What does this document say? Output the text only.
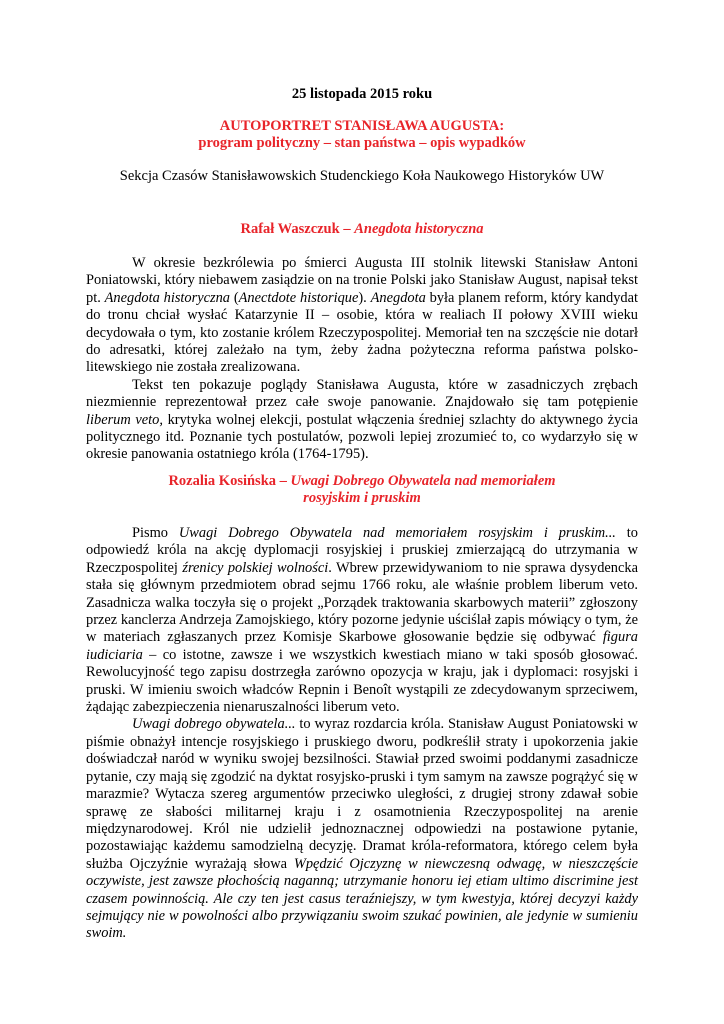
25 listopada 2015 roku
AUTOPORTRET STANISŁAWA AUGUSTA:
program polityczny – stan państwa – opis wypadków
Sekcja Czasów Stanisławowskich Studenckiego Koła Naukowego Historyków UW
Rafał Waszczuk – Anegdota historyczna

W okresie bezkrólewia po śmierci Augusta III stolnik litewski Stanisław Antoni Poniatowski, który niebawem zasiądzie on na tronie Polski jako Stanisław August, napisał tekst pt. Anegdota historyczna (Anectdote historique). Anegdota była planem reform, który kandydat do tronu chciał wysłać Katarzynie II – osobie, która w realiach II połowy XVIII wieku decydowała o tym, kto zostanie królem Rzeczypospolitej. Memoriał ten na szczęście nie dotarł do adresatki, której zależało na tym, żeby żadna pożyteczna reforma państwa polsko-litewskiego nie została zrealizowana.

Tekst ten pokazuje poglądy Stanisława Augusta, które w zasadniczych zrębach niezmiennie reprezentował przez całe swoje panowanie. Znajdowało się tam potępienie liberum veto, krytyka wolnej elekcji, postulat włączenia średniej szlachty do aktywnego życia politycznego itd. Poznanie tych postulatów, pozwoli lepiej zrozumieć to, co wydarzyło się w okresie panowania ostatniego króla (1764-1795).

Rozalia Kosińska – Uwagi Dobrego Obywatela nad memoriałem
rosyjskim i pruskim

Pismo Uwagi Dobrego Obywatela nad memoriałem rosyjskim i pruskim... to odpowiedź króla na akcję dyplomacji rosyjskiej i pruskiej zmierzającą do utrzymania w Rzeczpospolitej źrenicy polskiej wolności. Wbrew przewidywaniom to nie sprawa dysydencka stała się głównym przedmiotem obrad sejmu 1766 roku, ale właśnie problem liberum veto. Zasadnicza walka toczyła się o projekt „Porządek traktowania skarbowych materii” zgłoszony przez kanclerza Andrzeja Zamojskiego, który pozorne jedynie uściślał zapis mówiący o tym, że w materiach zgłaszanych przez Komisje Skarbowe głosowanie będzie się odbywać figura iudiciaria – co istotne, zawsze i we wszystkich kwestiach miano w taki sposób głosować. Rewolucyjność tego zapisu dostrzegła zarówno opozycja w kraju, jak i dyplomaci: rosyjski i pruski. W imieniu swoich władców Repnin i Benoît wystąpili ze zdecydowanym sprzeciwem, żądając zabezpieczenia nienaruszalności liberum veto.

Uwagi dobrego obywatela... to wyraz rozdarcia króla. Stanisław August Poniatowski w piśmie obnażył intencje rosyjskiego i pruskiego dworu, podkreślił straty i upokorzenia jakie doświadczał naród w wyniku swojej bezsilności. Stawiał przed swoimi poddanymi zasadnicze pytanie, czy mają się zgodzić na dyktat rosyjsko-pruski i tym samym na zawsze pogrążyć się w marazmie? Wytacza szereg argumentów przeciwko uległości, z drugiej strony zdawał sobie sprawę ze słabości militarnej kraju i z osamotnienia Rzeczypospolitej na arenie międzynarodowej. Król nie udzielił jednoznacznej odpowiedzi na postawione pytanie, pozostawiając każdemu samodzielną decyzję. Dramat króla-reformatora, którego celem była służba Ojczyźnie wyrażają słowa Wpędzić Ojczyznę w niewczesną odwagę, w nieszczęście oczywiste, jest zawsze płochością naganną; utrzymanie honoru iej etiam ultimo discrimine jest czasem powinnością. Ale czy ten jest casus teraźniejszy, w tym kwestyja, której decyzyi każdy sejmujący nie w powolności albo przywiązaniu swoim szukać powinien, ale jedynie w sumieniu swoim.
